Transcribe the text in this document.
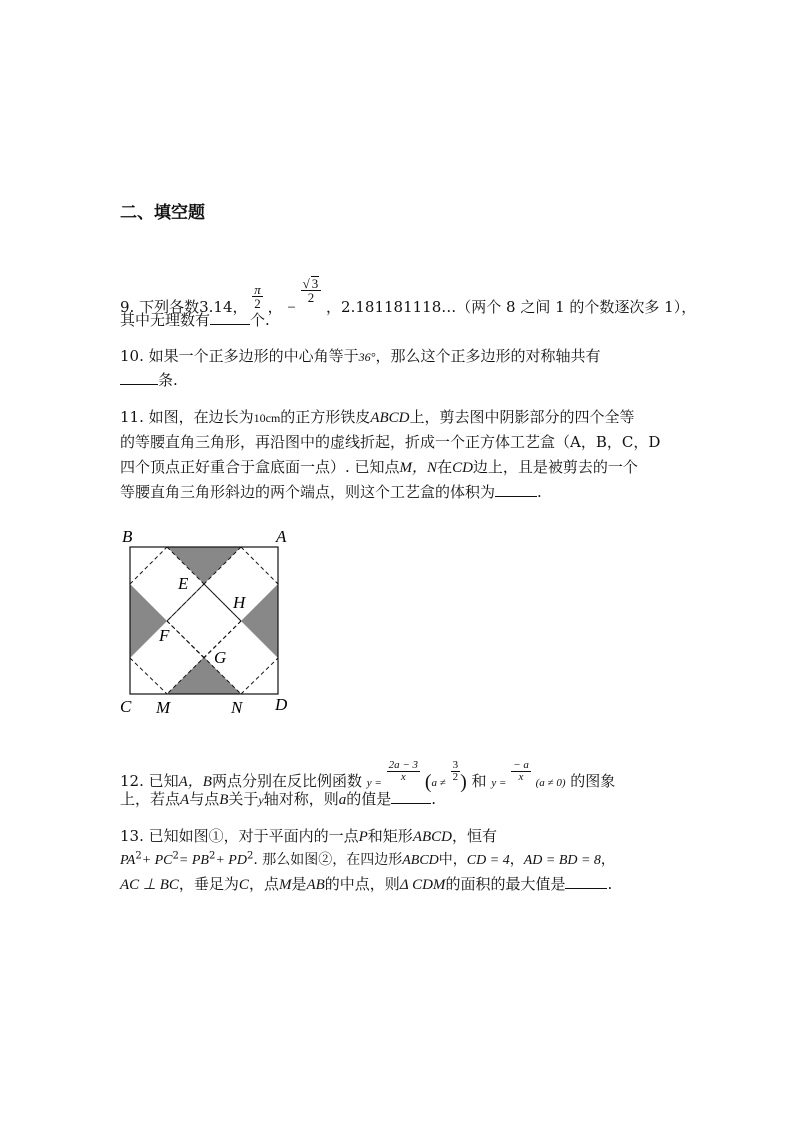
二、填空题
9. 下列各数3.14， $\frac{\pi}{2}$ ， −
$\frac{√ 3}{2}$
，2.181181118…（两个 8 之间 1 的个数逐次多 1），
其中无理数有	个.
10. 如果一个正多边形的中心角等于36°，那么这个正多边形的对称轴共有
条.
11. 如图，在边长为10cm的正方形铁皮ABCD上，剪去图中阴影部分的四个全等
的等腰直角三角形，再沿图中的虚线折起，折成一个正方体工艺盒（A，B，C，D
四个顶点正好重合于盒底面一点）. 已知点M，N在CD边上，且是被剪去的一个
等腰直角三角形斜边的两个端点，则这个工艺盒的体积为	.
B	A
C	D
M	N
E
F
G
H
12. 已知A，B两点分别在反比例函数 $y = \frac{2a - 3}{x} (a \ne \frac{3}{2}$ ) 和 $y = \frac{- a}{x} (a \ne 0)$ 的图象
上，若点A与点B关于y轴对称，则a的值是	.
13. 已知如图①，对于平面内的一点P和矩形ABCD，恒有
$PA^2+ PC^2= PB^2+ PD^2$. 那么如图②，在四边形ABCD中，CD = 4，AD = BD = 8，
AC ⊥ BC，垂足为C，点M是AB的中点，则Δ CDM的面积的最大值是	.
